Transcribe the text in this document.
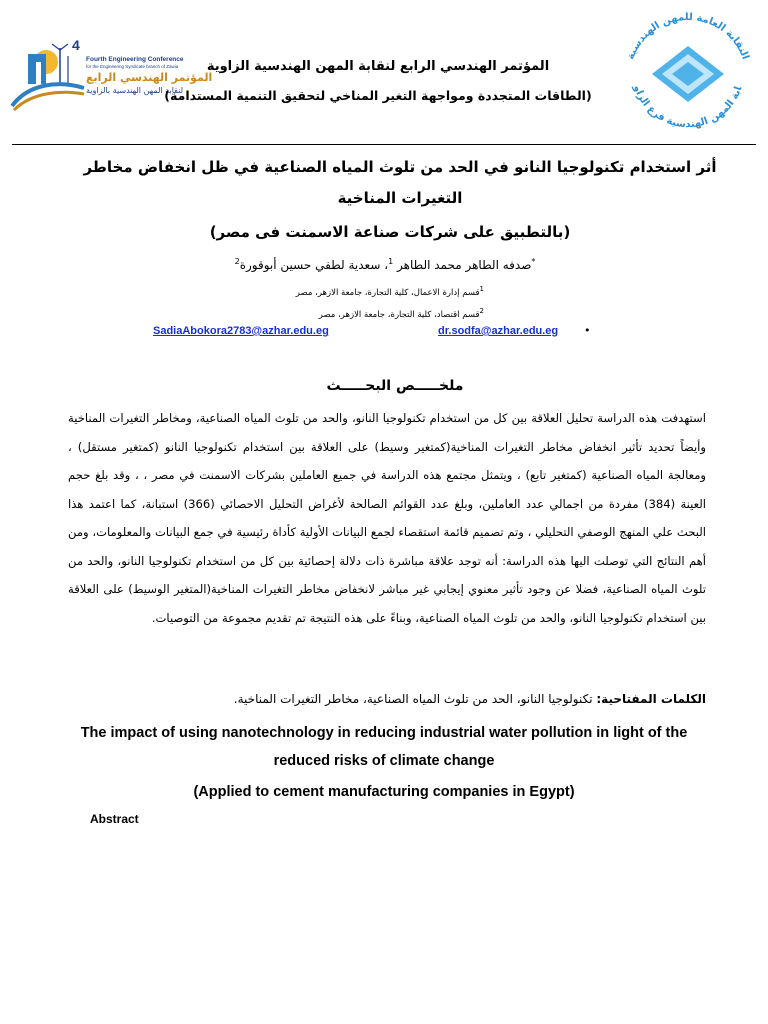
4
Fourth Engineering Conference
for the Engineering Syndicate branch of Zawia
المؤتمر الهندسي الرابع
لنقابة المهن الهندسية بالزاوية
المؤتمر الهندسي الرابع لنقابة المهن الهندسية الزاوية
(الطاقات المتجددة ومواجهة التغير المناخي لتحقيق التنمية المستدامة)
النقابة العامة للمهن الهندسية
ابة المهن الهندسية فرع الزاو
أثر استخدام تكنولوجيا النانو في الحد من تلوث المياه الصناعية في ظل انخفاض مخاطر التغيرات المناخية
(بالتطبيق على شركات صناعة الاسمنت فى مصر)
*صدفه الطاهر محمد الطاهر $^1$، سعدية لطفي حسين أبوقورة$^2$
$^1$قسم إدارة الاعمال، كلية التجارة، جامعة الازهر، مصر
$^2$قسم اقتصاد، كلية التجارة، جامعة الازهر، مصر
SadiaAbokora2783@azhar.edu.eg	dr.sodfa@azhar.edu.eg •
ملخـــــص البحـــــث
استهدفت هذه الدراسة تحليل العلاقة بين كل من استخدام تكنولوجيا النانو، والحد من تلوث المياه الصناعية، ومخاطر التغيرات المناخية وأيضاً تحديد تأثير انخفاض مخاطر التغيرات المناخية(كمتغير وسيط) على العلاقة بين استخدام تكنولوجيا النانو (كمتغير مستقل) ، ومعالجة المياه الصناعية (كمتغير تابع) ، ويتمثل مجتمع هذه الدراسة في جميع العاملين بشركات الاسمنت في مصر ، ، وقد بلغ حجم العينة (384) مفردة من اجمالي عدد العاملين، وبلغ عدد القوائم الصالحة لأغراض التحليل الاحصائي (366) استبانة، كما اعتمد هذا البحث علي المنهج الوصفي التحليلي ، وتم تصميم قائمة استقصاء لجمع البيانات الأولية كأداة رئيسية في جمع البيانات والمعلومات، ومن أهم النتائج التي توصلت اليها هذه الدراسة: أنه توجد علاقة مباشرة ذات دلالة إحصائية بين كل من استخدام تكنولوجيا النانو، والحد من تلوث المياه الصناعية، فضلا عن وجود تأثير معنوي إيجابي غير مباشر لانخفاض مخاطر التغيرات المناخية(المتغير الوسيط) على العلاقة بين استخدام تكنولوجيا النانو، والحد من تلوث المياه الصناعية، وبناءً على هذه النتيجة تم تقديم مجموعة من التوصيات.
الكلمات المفتاحية: تكنولوجيا النانو، الحد من تلوث المياه الصناعية، مخاطر التغيرات المناخية.
The impact of using nanotechnology in reducing industrial water pollution in light of the reduced risks of climate change
(Applied to cement manufacturing companies in Egypt)
Abstract
